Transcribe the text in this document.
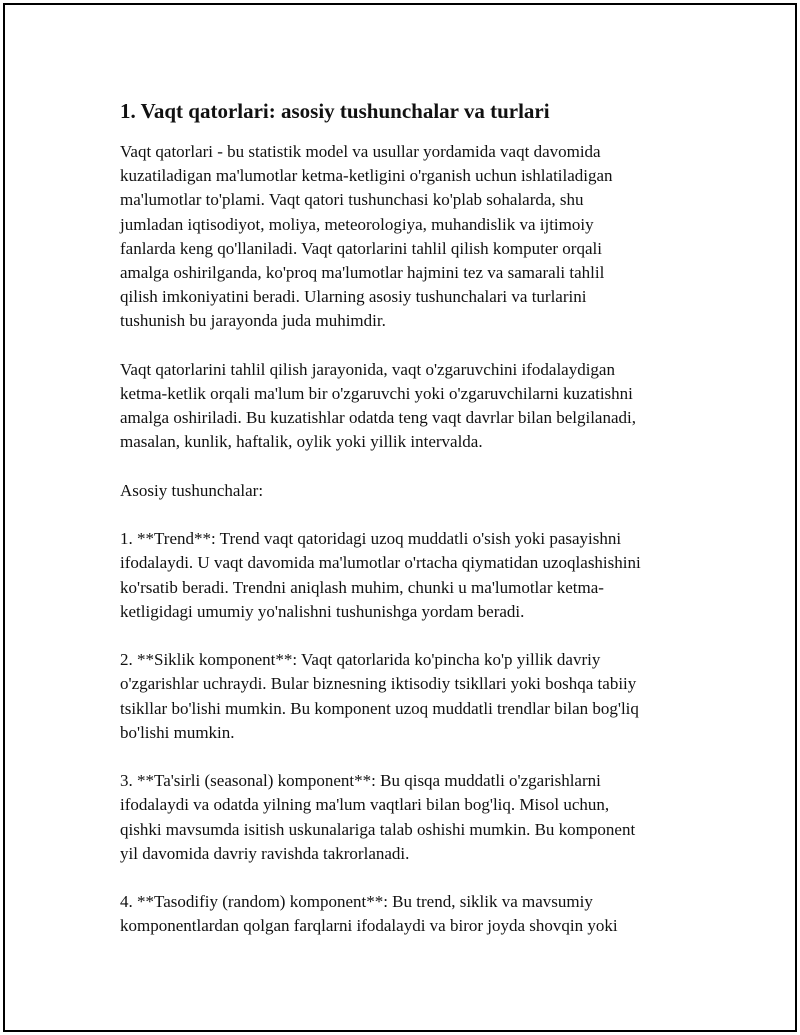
1. Vaqt qatorlari: asosiy tushunchalar va turlari

Vaqt qatorlari - bu statistik model va usullar yordamida vaqt davomida
kuzatiladigan ma'lumotlar ketma-ketligini o'rganish uchun ishlatiladigan
ma'lumotlar to'plami. Vaqt qatori tushunchasi ko'plab sohalarda, shu
jumladan iqtisodiyot, moliya, meteorologiya, muhandislik va ijtimoiy
fanlarda keng qo'llaniladi. Vaqt qatorlarini tahlil qilish komputer orqali
amalga oshirilganda, ko'proq ma'lumotlar hajmini tez va samarali tahlil
qilish imkoniyatini beradi. Ularning asosiy tushunchalari va turlarini
tushunish bu jarayonda juda muhimdir.

Vaqt qatorlarini tahlil qilish jarayonida, vaqt o'zgaruvchini ifodalaydigan
ketma-ketlik orqali ma'lum bir o'zgaruvchi yoki o'zgaruvchilarni kuzatishni
amalga oshiriladi. Bu kuzatishlar odatda teng vaqt davrlar bilan belgilanadi,
masalan, kunlik, haftalik, oylik yoki yillik intervalda.

Asosiy tushunchalar:

1. **Trend**: Trend vaqt qatoridagi uzoq muddatli o'sish yoki pasayishni
ifodalaydi. U vaqt davomida ma'lumotlar o'rtacha qiymatidan uzoqlashishini
ko'rsatib beradi. Trendni aniqlash muhim, chunki u ma'lumotlar ketma-
ketligidagi umumiy yo'nalishni tushunishga yordam beradi.

2. **Siklik komponent**: Vaqt qatorlarida ko'pincha ko'p yillik davriy
o'zgarishlar uchraydi. Bular biznesning iktisodiy tsikllari yoki boshqa tabiiy
tsikllar bo'lishi mumkin. Bu komponent uzoq muddatli trendlar bilan bog'liq
bo'lishi mumkin.

3. **Ta'sirli (seasonal) komponent**: Bu qisqa muddatli o'zgarishlarni
ifodalaydi va odatda yilning ma'lum vaqtlari bilan bog'liq. Misol uchun,
qishki mavsumda isitish uskunalariga talab oshishi mumkin. Bu komponent
yil davomida davriy ravishda takrorlanadi.

4. **Tasodifiy (random) komponent**: Bu trend, siklik va mavsumiy
komponentlardan qolgan farqlarni ifodalaydi va biror joyda shovqin yoki
